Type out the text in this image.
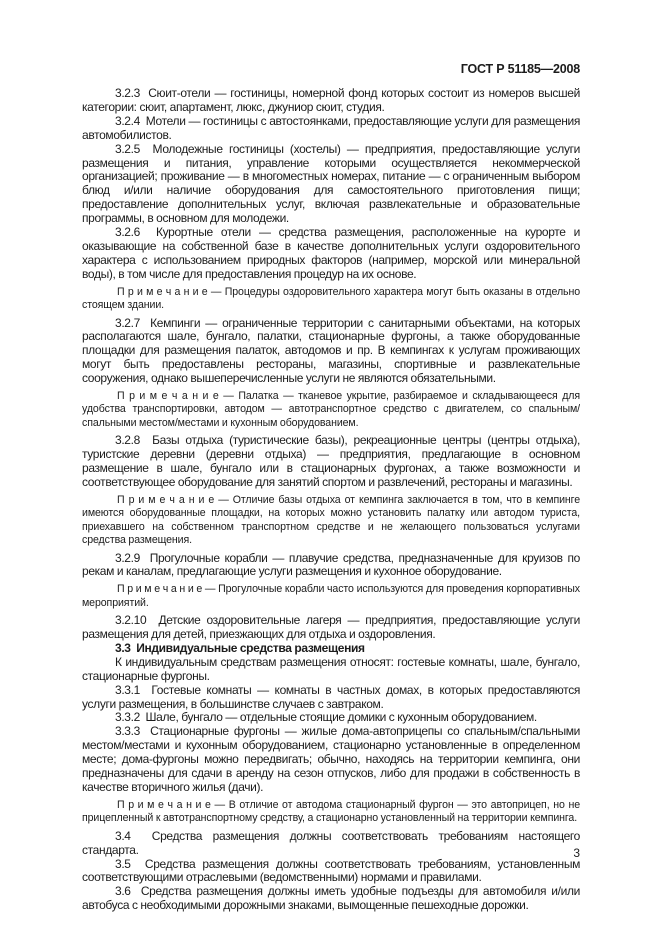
ГОСТ Р 51185—2008

3.2.3  Сюит-отели — гостиницы, номерной фонд которых состоит из номеров высшей категории: сюит, апартамент, люкс, джуниор сюит, студия.

3.2.4  Мотели — гостиницы с автостоянками, предоставляющие услуги для размещения автомобилистов.

3.2.5  Молодежные гостиницы (хостелы) — предприятия, предоставляющие услуги размещения и питания, управление которыми осуществляется некоммерческой организацией; проживание — в многоместных номерах, питание — с ограниченным выбором блюд и/или наличие оборудования для самостоятельного приготовления пищи; предоставление дополнительных услуг, включая развлекательные и образовательные программы, в основном для молодежи.

3.2.6  Курортные отели — средства размещения, расположенные на курорте и оказывающие на собственной базе в качестве дополнительных услуги оздоровительного характера с использованием природных факторов (например, морской или минеральной воды), в том числе для предоставления процедур на их основе.

П р и м е ч а н и е — Процедуры оздоровительного характера могут быть оказаны в отдельно стоящем здании.

3.2.7  Кемпинги — ограниченные территории с санитарными объектами, на которых располагаются шале, бунгало, палатки, стационарные фургоны, а также оборудованные площадки для размещения палаток, автодомов и пр. В кемпингах к услугам проживающих могут быть предоставлены рестораны, магазины, спортивные и развлекательные сооружения, однако вышеперечисленные услуги не являются обязательными.

П р и м е ч а н и е — Палатка — тканевое укрытие, разбираемое и складывающееся для удобства транспортировки, автодом — автотранспортное средство с двигателем, со спальным/спальными местом/местами и кухонным оборудованием.

3.2.8  Базы отдыха (туристические базы), рекреационные центры (центры отдыха), туристские деревни (деревни отдыха) — предприятия, предлагающие в основном размещение в шале, бунгало или в стационарных фургонах, а также возможности и соответствующее оборудование для занятий спортом и развлечений, рестораны и магазины.

П р и м е ч а н и е — Отличие базы отдыха от кемпинга заключается в том, что в кемпинге имеются оборудованные площадки, на которых можно установить палатку или автодом туриста, приехавшего на собственном транспортном средстве и не желающего пользоваться услугами средства размещения.

3.2.9  Прогулочные корабли — плавучие средства, предназначенные для круизов по рекам и каналам, предлагающие услуги размещения и кухонное оборудование.

П р и м е ч а н и е — Прогулочные корабли часто используются для проведения корпоративных мероприятий.

3.2.10  Детские оздоровительные лагеря — предприятия, предоставляющие услуги размещения для детей, приезжающих для отдыха и оздоровления.

3.3  Индивидуальные средства размещения

К индивидуальным средствам размещения относят: гостевые комнаты, шале, бунгало, стационарные фургоны.

3.3.1  Гостевые комнаты — комнаты в частных домах, в которых предоставляются услуги размещения, в большинстве случаев с завтраком.

3.3.2  Шале, бунгало — отдельные стоящие домики с кухонным оборудованием.

3.3.3  Стационарные фургоны — жилые дома-автоприцепы со спальным/спальными местом/местами и кухонным оборудованием, стационарно установленные в определенном месте; дома-фургоны можно передвигать; обычно, находясь на территории кемпинга, они предназначены для сдачи в аренду на сезон отпусков, либо для продажи в собственность в качестве вторичного жилья (дачи).

П р и м е ч а н и е — В отличие от автодома стационарный фургон — это автоприцеп, но не прицепленный к автотранспортному средству, а стационарно установленный на территории кемпинга.

3.4  Средства размещения должны соответствовать требованиям настоящего стандарта.

3.5  Средства размещения должны соответствовать требованиям, установленным соответствующими отраслевыми (ведомственными) нормами и правилами.

3.6  Средства размещения должны иметь удобные подъезды для автомобиля и/или автобуса с необходимыми дорожными знаками, вымощенные пешеходные дорожки.

3
